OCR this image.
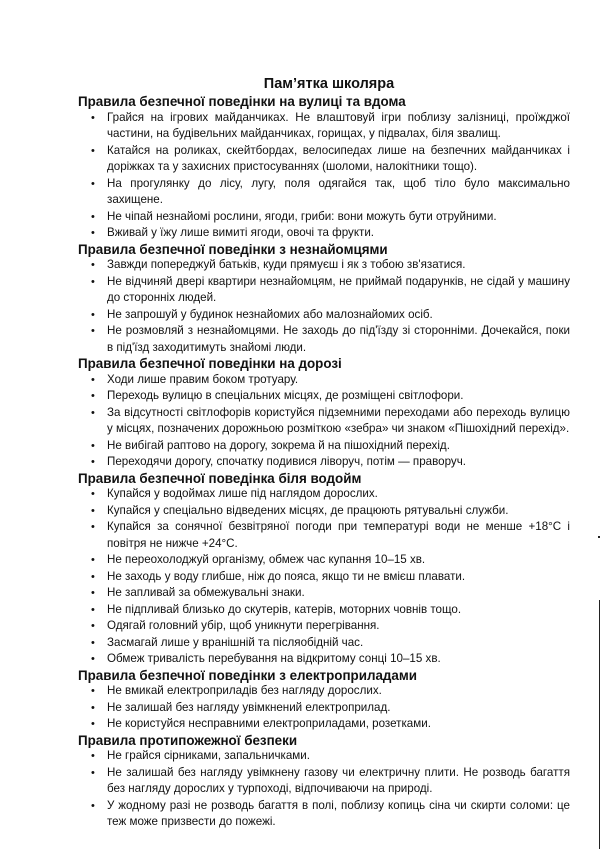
Пам’ятка школяра
Правила безпечної поведінки на вулиці та вдома
• Грайся на ігрових майданчиках. Не влаштовуй ігри поблизу залізниці, проїжджої частини, на будівельних майданчиках, горищах, у підвалах, біля звалищ.
• Катайся на роликах, скейтбордах, велосипедах лише на безпечних майданчиках і доріжках та у захисних пристосуваннях (шоломи, налокітники тощо).
• На прогулянку до лісу, лугу, поля одягайся так, щоб тіло було максимально захищене.
• Не чіпай незнайомі рослини, ягоди, гриби: вони можуть бути отруйними.
• Вживай у їжу лише вимиті ягоди, овочі та фрукти.
Правила безпечної поведінки з незнайомцями
• Завжди попереджуй батьків, куди прямуєш і як з тобою зв'язатися.
• Не відчиняй двері квартири незнайомцям, не приймай подарунків, не сідай у машину до сторонніх людей.
• Не запрошуй у будинок незнайомих або малознайомих осіб.
• Не розмовляй з незнайомцями. Не заходь до під'їзду зі сторонніми. Дочекайся, поки в під'їзд заходитимуть знайомі люди.
Правила безпечної поведінки на дорозі
• Ходи лише правим боком тротуару.
• Переходь вулицю в спеціальних місцях, де розміщені світлофори.
• За відсутності світлофорів користуйся підземними переходами або переходь вулицю у місцях, позначених дорожньою розміткою «зебра» чи знаком «Пішохідний перехід».
• Не вибігай раптово на дорогу, зокрема й на пішохідний перехід.
• Переходячи дорогу, спочатку подивися ліворуч, потім — праворуч.
Правила безпечної поведінка біля водойм
• Купайся у водоймах лише під наглядом дорослих.
• Купайся у спеціально відведених місцях, де працюють рятувальні служби.
• Купайся за сонячної безвітряної погоди при температурі води не менше +18°С і повітря не нижче +24°С.
• Не переохолоджуй організму, обмеж час купання 10–15 хв.
• Не заходь у воду глибше, ніж до пояса, якщо ти не вмієш плавати.
• Не запливай за обмежувальні знаки.
• Не підпливай близько до скутерів, катерів, моторних човнів тощо.
• Одягай головний убір, щоб уникнути перегрівання.
• Засмагай лише у вранішній та післяобідній час.
• Обмеж тривалість перебування на відкритому сонці 10–15 хв.
Правила безпечної поведінки з електроприладами
• Не вмикай електроприладів без нагляду дорослих.
• Не залишай без нагляду увімкнений електроприлад.
• Не користуйся несправними електроприладами, розетками.
Правила протипожежної безпеки
• Не грайся сірниками, запальничками.
• Не залишай без нагляду увімкнену газову чи електричну плити. Не розводь багаття без нагляду дорослих у турпоходi, відпочиваючи на природі.
• У жодному разі не розводь багаття в полі, поблизу копиць сіна чи скирти соломи: це теж може призвести до пожежі.
